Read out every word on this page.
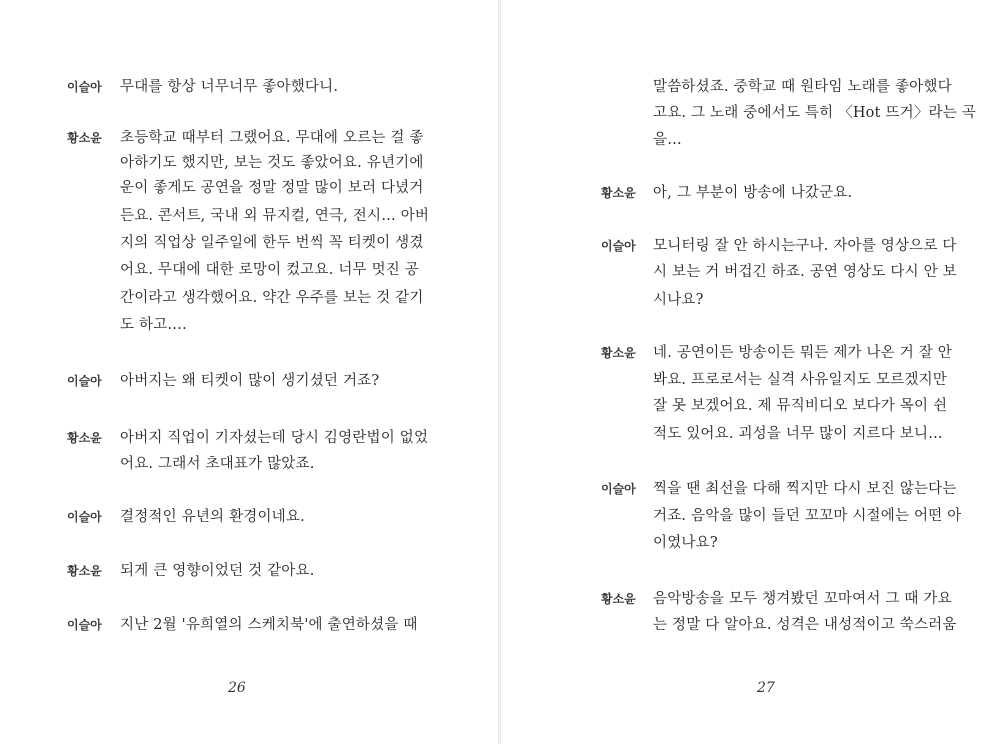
이슬아 무대를 항상 너무너무 좋아했다니.
황소윤 초등학교 때부터 그랬어요. 무대에 오르는 걸 좋
아하기도 했지만, 보는 것도 좋았어요. 유년기에
운이 좋게도 공연을 정말 정말 많이 보러 다녔거
든요. 콘서트, 국내 외 뮤지컬, 연극, 전시… 아버
지의 직업상 일주일에 한두 번씩 꼭 티켓이 생겼
어요. 무대에 대한 로망이 컸고요. 너무 멋진 공
간이라고 생각했어요. 약간 우주를 보는 것 같기
도 하고….
이슬아 아버지는 왜 티켓이 많이 생기셨던 거죠?
황소윤 아버지 직업이 기자셨는데 당시 김영란법이 없었
어요. 그래서 초대표가 많았죠.
이슬아 결정적인 유년의 환경이네요.
황소윤 되게 큰 영향이었던 것 같아요.
이슬아 지난 2월 '유희열의 스케치북'에 출연하셨을 때
26
말씀하셨죠. 중학교 때 원타임 노래를 좋아했다
고요. 그 노래 중에서도 특히 〈Hot 뜨거〉라는 곡
을…
황소윤 아, 그 부분이 방송에 나갔군요.
이슬아 모니터링 잘 안 하시는구나. 자아를 영상으로 다
시 보는 거 버겁긴 하죠. 공연 영상도 다시 안 보
시나요?
황소윤 네. 공연이든 방송이든 뭐든 제가 나온 거 잘 안
봐요. 프로로서는 실격 사유일지도 모르겠지만
잘 못 보겠어요. 제 뮤직비디오 보다가 목이 쉰
적도 있어요. 괴성을 너무 많이 지르다 보니…
이슬아 찍을 땐 최선을 다해 찍지만 다시 보진 않는다는
거죠. 음악을 많이 들던 꼬꼬마 시절에는 어떤 아
이였나요?
황소윤 음악방송을 모두 챙겨봤던 꼬마여서 그 때 가요
는 정말 다 알아요. 성격은 내성적이고 쑥스러움
27
